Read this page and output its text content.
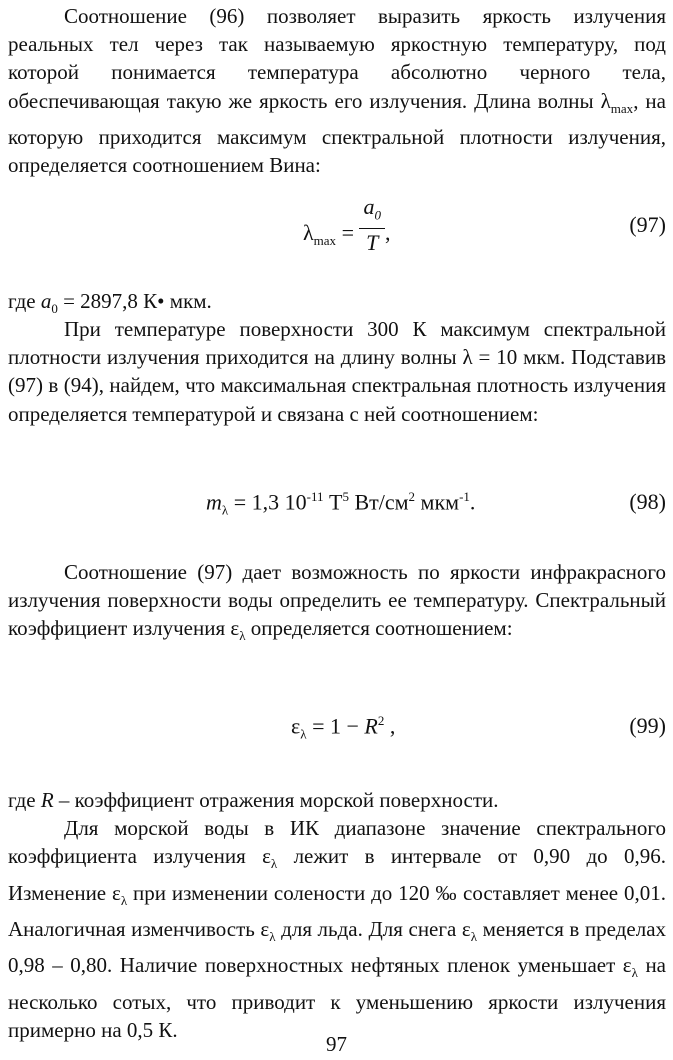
Соотношение (96) позволяет выразить яркость излучения реальных тел через так называемую яркостную температуру, под которой понимается температура абсолютно черного тела, обеспечивающая такую же яркость его излучения. Длина волны $\lambda_{max}$, на которую приходится максимум спектральной плотности излучения, определяется соотношением Вина:

$\lambda_{max} = \frac{a_0}{T}$ ,	(97)

где $a_0 = 2897,8$ К• мкм.

При температуре поверхности 300 К максимум спектральной плотности излучения приходится на длину волны λ = 10 мкм. Подставив (97) в (94), найдем, что максимальная спектральная плотность излучения определяется температурой и связана с ней соотношением:

$m_\lambda = 1,3$ $10^{-11}$ $T^5$ $Вт/см^2$ мкм$^{-1}$.	(98)

Соотношение (97) дает возможность по яркости инфракрасного излучения поверхности воды определить ее температуру. Спектральный коэффициент излучения $\varepsilon_\lambda$ определяется соотношением:

$\varepsilon_\lambda = 1 - R^2$ ,	(99)

где R – коэффициент отражения морской поверхности.

Для морской воды в ИК диапазоне значение спектрального коэффициента излучения $\varepsilon_\lambda$ лежит в интервале от 0,90 до 0,96. Изменение $\varepsilon_\lambda$ при изменении солености до 120 ‰ составляет менее 0,01. Аналогичная изменчивость $\varepsilon_\lambda$ для льда. Для снега $\varepsilon_\lambda$ меняется в пределах 0,98 – 0,80. Наличие поверхностных нефтяных пленок уменьшает $\varepsilon_\lambda$ на несколько сотых, что приводит к уменьшению яркости излучения примерно на 0,5 К.

97
